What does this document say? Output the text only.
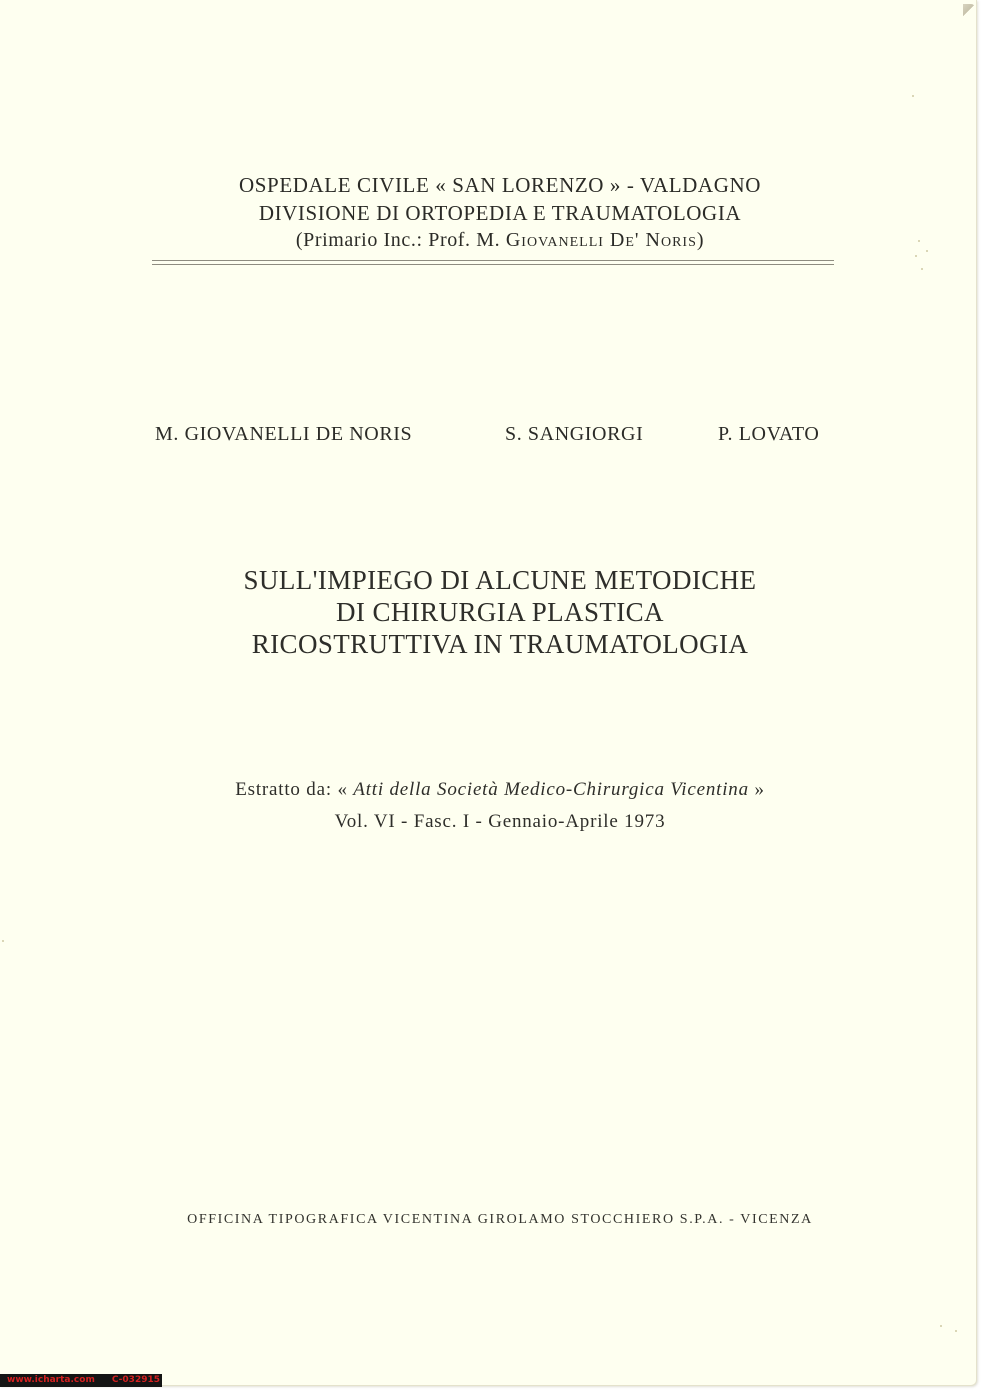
OSPEDALE CIVILE « SAN LORENZO » - VALDAGNO
DIVISIONE DI ORTOPEDIA E TRAUMATOLOGIA
(Primario Inc.: Prof. M. Giovanelli De' Noris)
M. GIOVANELLI DE NORIS	S. SANGIORGI	P. LOVATO
SULL'IMPIEGO DI ALCUNE METODICHE
DI CHIRURGIA PLASTICA
RICOSTRUTTIVA IN TRAUMATOLOGIA
Estratto da: « Atti della Società Medico-Chirurgica Vicentina »
Vol. VI - Fasc. I - Gennaio-Aprile 1973
OFFICINA TIPOGRAFICA VICENTINA GIROLAMO STOCCHIERO S.P.A. - VICENZA
www.icharta.com C-032915
